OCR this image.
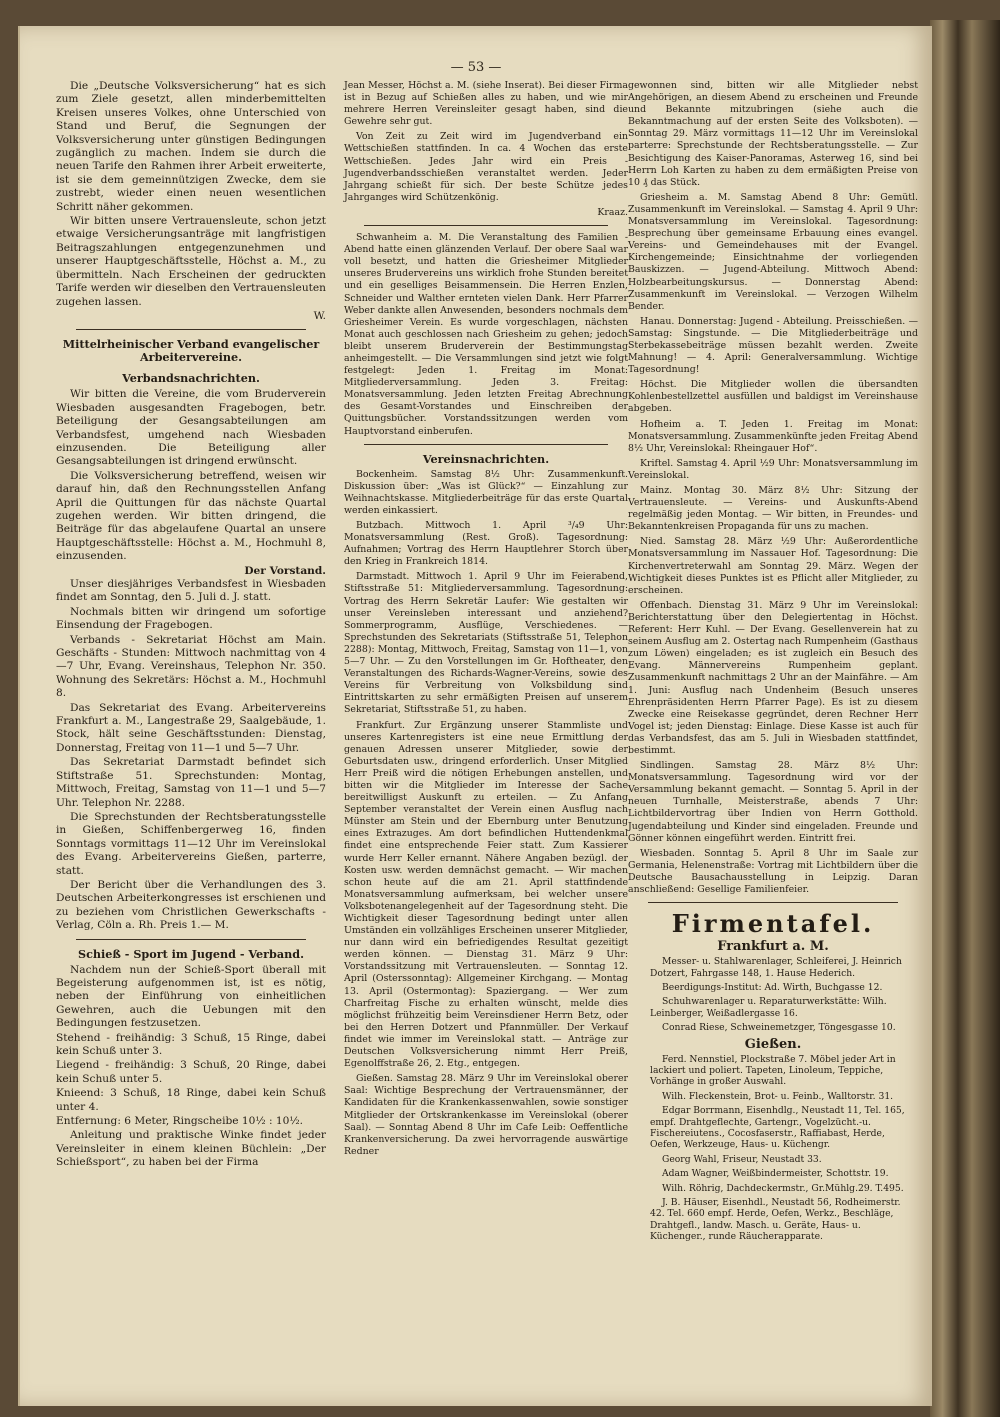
— 53 —

Die „Deutsche Volksversicherung“ hat es sich zum Ziele gesetzt, allen minderbemittelten Kreisen unseres Volkes, ohne Unterschied von Stand und Beruf, die Segnungen der Volksversicherung unter günstigen Bedingungen zugänglich zu machen. Indem sie durch die neuen Tarife den Rahmen ihrer Arbeit erweiterte, ist sie dem gemeinnützigen Zwecke, dem sie zustrebt, wieder einen neuen wesentlichen Schritt näher gekommen.

Wir bitten unsere Vertrauensleute, schon jetzt etwaige Versicherungsanträge mit langfristigen Beitragszahlungen entgegenzunehmen und unserer Hauptgeschäftsstelle, Höchst a. M., zu übermitteln. Nach Erscheinen der gedruckten Tarife werden wir dieselben den Vertrauensleuten zugehen lassen.

W.
Mittelrheinischer Verband evangelischer Arbeitervereine.
Verbandsnachrichten.

Wir bitten die Vereine, die vom Bruderverein Wiesbaden ausgesandten Fragebogen, betr. Beteiligung der Gesangsabteilungen am Verbandsfest, umgehend nach Wiesbaden einzusenden. Die Beteiligung aller Gesangsabteilungen ist dringend erwünscht.

Die Volksversicherung betreffend, weisen wir darauf hin, daß den Rechnungsstellen Anfang April die Quittungen für das nächste Quartal zugehen werden. Wir bitten dringend, die Beiträge für das abgelaufene Quartal an unsere Hauptgeschäftsstelle: Höchst a. M., Hochmuhl 8, einzusenden.

Der Vorstand.

Unser diesjähriges Verbandsfest in Wiesbaden findet am Sonntag, den 5. Juli d. J. statt.

Nochmals bitten wir dringend um sofortige Einsendung der Fragebogen.

Verbands - Sekretariat Höchst am Main. Geschäfts - Stunden: Mittwoch nachmittag von 4—7 Uhr, Evang. Vereinshaus, Telephon Nr. 350. Wohnung des Sekretärs: Höchst a. M., Hochmuhl 8.

Das Sekretariat des Evang. Arbeitervereins Frankfurt a. M., Langestraße 29, Saalgebäude, 1. Stock, hält seine Geschäftsstunden: Dienstag, Donnerstag, Freitag von 11—1 und 5—7 Uhr.

Das Sekretariat Darmstadt befindet sich Stiftstraße 51. Sprechstunden: Montag, Mittwoch, Freitag, Samstag von 11—1 und 5—7 Uhr. Telephon Nr. 2288.

Die Sprechstunden der Rechtsberatungsstelle in Gießen, Schiffenbergerweg 16, finden Sonntags vormittags 11—12 Uhr im Vereinslokal des Evang. Arbeitervereins Gießen, parterre, statt.

Der Bericht über die Verhandlungen des 3. Deutschen Arbeiterkongresses ist erschienen und zu beziehen vom Christlichen Gewerkschafts - Verlag, Cöln a. Rh. Preis 1.— M.

Schieß - Sport im Jugend - Verband.

Nachdem nun der Schieß-Sport überall mit Begeisterung aufgenommen ist, ist es nötig, neben der Einführung von einheitlichen Gewehren, auch die Uebungen mit den Bedingungen festzusetzen.

Stehend - freihändig: 3 Schuß, 15 Ringe, dabei kein Schuß unter 3.

Liegend - freihändig: 3 Schuß, 20 Ringe, dabei kein Schuß unter 5.

Knieend: 3 Schuß, 18 Ringe, dabei kein Schuß unter 4.

Entfernung: 6 Meter, Ringscheibe 10½ : 10½.

Anleitung und praktische Winke findet jeder Vereinsleiter in einem kleinen Büchlein: „Der Schießsport“, zu haben bei der Firma

Jean Messer, Höchst a. M. (siehe Inserat). Bei dieser Firma ist in Bezug auf Schießen alles zu haben, und wie mir mehrere Herren Vereinsleiter gesagt haben, sind die Gewehre sehr gut.

Von Zeit zu Zeit wird im Jugendverband ein Wettschießen stattfinden. In ca. 4 Wochen das erste Wettschießen. Jedes Jahr wird ein Preis - Jugendverbandsschießen veranstaltet werden. Jeder Jahrgang schießt für sich. Der beste Schütze jedes Jahrganges wird Schützenkönig.

Kraaz.

Schwanheim a. M. Die Veranstaltung des Familien - Abend hatte einen glänzenden Verlauf. Der obere Saal war voll besetzt, und hatten die Griesheimer Mitglieder unseres Brudervereins uns wirklich frohe Stunden bereitet und ein geselliges Beisammensein. Die Herren Enzlen, Schneider und Walther ernteten vielen Dank. Herr Pfarrer Weber dankte allen Anwesenden, besonders nochmals dem Griesheimer Verein. Es wurde vorgeschlagen, nächsten Monat auch geschlossen nach Griesheim zu gehen; jedoch bleibt unserem Bruderverein der Bestimmungstag anheimgestellt. — Die Versammlungen sind jetzt wie folgt festgelegt: Jeden 1. Freitag im Monat: Mitgliederversammlung. Jeden 3. Freitag: Monatsversammlung. Jeden letzten Freitag Abrechnung des Gesamt-Vorstandes und Einschreiben der Quittungsbücher. Vorstandssitzungen werden vom Hauptvorstand einberufen.

Vereinsnachrichten.

Bockenheim. Samstag 8½ Uhr: Zusammenkunft. Diskussion über: „Was ist Glück?“ — Einzahlung zur Weihnachtskasse. Mitgliederbeiträge für das erste Quartal werden einkassiert.

Butzbach. Mittwoch 1. April ³/₄9 Uhr: Monatsversammlung (Rest. Groß). Tagesordnung: Aufnahmen; Vortrag des Herrn Hauptlehrer Storch über den Krieg in Frankreich 1814.

Darmstadt. Mittwoch 1. April 9 Uhr im Feierabend, Stiftsstraße 51: Mitgliederversammlung. Tagesordnung: Vortrag des Herrn Sekretär Laufer: Wie gestalten wir unser Vereinsleben interessant und anziehend? Sommerprogramm, Ausflüge, Verschiedenes. — Sprechstunden des Sekretariats (Stiftsstraße 51, Telephon 2288): Montag, Mittwoch, Freitag, Samstag von 11—1, von 5—7 Uhr. — Zu den Vorstellungen im Gr. Hoftheater, den Veranstaltungen des Richards-Wagner-Vereins, sowie des Vereins für Verbreitung von Volksbildung sind Eintrittskarten zu sehr ermäßigten Preisen auf unserem Sekretariat, Stiftsstraße 51, zu haben.

Frankfurt. Zur Ergänzung unserer Stammliste und unseres Kartenregisters ist eine neue Ermittlung der genauen Adressen unserer Mitglieder, sowie der Geburtsdaten usw., dringend erforderlich. Unser Mitglied Herr Preiß wird die nötigen Erhebungen anstellen, und bitten wir die Mitglieder im Interesse der Sache bereitwilligst Auskunft zu erteilen. — Zu Anfang September veranstaltet der Verein einen Ausflug nach Münster am Stein und der Ebernburg unter Benutzung eines Extrazuges. Am dort befindlichen Huttendenkmal findet eine entsprechende Feier statt. Zum Kassierer wurde Herr Keller ernannt. Nähere Angaben bezügl. der Kosten usw. werden demnächst gemacht. — Wir machen schon heute auf die am 21. April stattfindende Monatsversammlung aufmerksam, bei welcher unsere Volksbotenangelegenheit auf der Tagesordnung steht. Die Wichtigkeit dieser Tagesordnung bedingt unter allen Umständen ein vollzähliges Erscheinen unserer Mitglieder, nur dann wird ein befriedigendes Resultat gezeitigt werden können. — Dienstag 31. März 9 Uhr: Vorstandssitzung mit Vertrauensleuten. — Sonntag 12. April (Osterssonntag): Allgemeiner Kirchgang. — Montag 13. April (Ostermontag): Spaziergang. — Wer zum Charfreitag Fische zu erhalten wünscht, melde dies möglichst frühzeitig beim Vereinsdiener Herrn Betz, oder bei den Herren Dotzert und Pfannmüller. Der Verkauf findet wie immer im Vereinslokal statt. — Anträge zur Deutschen Volksversicherung nimmt Herr Preiß, Egenolffstraße 26, 2. Etg., entgegen.

Gießen. Samstag 28. März 9 Uhr im Vereinslokal oberer Saal: Wichtige Besprechung der Vertrauensmänner, der Kandidaten für die Krankenkassenwahlen, sowie sonstiger Mitglieder der Ortskrankenkasse im Vereinslokal (oberer Saal). — Sonntag Abend 8 Uhr im Cafe Leib: Oeffentliche Krankenversicherung. Da zwei hervorragende auswärtige Redner

gewonnen sind, bitten wir alle Mitglieder nebst Angehörigen, an diesem Abend zu erscheinen und Freunde und Bekannte mitzubringen (siehe auch die Bekanntmachung auf der ersten Seite des Volksboten). — Sonntag 29. März vormittags 11—12 Uhr im Vereinslokal parterre: Sprechstunde der Rechtsberatungsstelle. — Zur Besichtigung des Kaiser-Panoramas, Asterweg 16, sind bei Herrn Loh Karten zu haben zu dem ermäßigten Preise von 10 ₰ das Stück.

Griesheim a. M. Samstag Abend 8 Uhr: Gemütl. Zusammenkunft im Vereinslokal. — Samstag 4. April 9 Uhr: Monatsversammlung im Vereinslokal. Tagesordnung: Besprechung über gemeinsame Erbauung eines evangel. Vereins- und Gemeindehauses mit der Evangel. Kirchengemeinde; Einsichtnahme der vorliegenden Bauskizzen. — Jugend-Abteilung. Mittwoch Abend: Holzbearbeitungskursus. — Donnerstag Abend: Zusammenkunft im Vereinslokal. — Verzogen Wilhelm Bender.

Hanau. Donnerstag: Jugend - Abteilung. Preisschießen. — Samstag: Singstunde. — Die Mitgliederbeiträge und Sterbekassebeiträge müssen bezahlt werden. Zweite Mahnung! — 4. April: Generalversammlung. Wichtige Tagesordnung!

Höchst. Die Mitglieder wollen die übersandten Kohlenbestellzettel ausfüllen und baldigst im Vereinshause abgeben.

Hofheim a. T. Jeden 1. Freitag im Monat: Monatsversammlung. Zusammenkünfte jeden Freitag Abend 8½ Uhr, Vereinslokal: Rheingauer Hof“.

Kriftel. Samstag 4. April ½9 Uhr: Monatsversammlung im Vereinslokal.

Mainz. Montag 30. März 8½ Uhr: Sitzung der Vertrauensleute. — Vereins- und Auskunfts-Abend regelmäßig jeden Montag. — Wir bitten, in Freundes- und Bekanntenkreisen Propaganda für uns zu machen.

Nied. Samstag 28. März ½9 Uhr: Außerordentliche Monatsversammlung im Nassauer Hof. Tagesordnung: Die Kirchenvertreterwahl am Sonntag 29. März. Wegen der Wichtigkeit dieses Punktes ist es Pflicht aller Mitglieder, zu erscheinen.

Offenbach. Dienstag 31. März 9 Uhr im Vereinslokal: Berichterstattung über den Delegiertentag in Höchst. Referent: Herr Kuhl. — Der Evang. Gesellenverein hat zu seinem Ausflug am 2. Ostertag nach Rumpenheim (Gasthaus zum Löwen) eingeladen; es ist zugleich ein Besuch des Evang. Männervereins Rumpenheim geplant. Zusammenkunft nachmittags 2 Uhr an der Mainfähre. — Am 1. Juni: Ausflug nach Undenheim (Besuch unseres Ehrenpräsidenten Herrn Pfarrer Page). Es ist zu diesem Zwecke eine Reisekasse gegründet, deren Rechner Herr Vogel ist; jeden Dienstag: Einlage. Diese Kasse ist auch für das Verbandsfest, das am 5. Juli in Wiesbaden stattfindet, bestimmt.

Sindlingen. Samstag 28. März 8½ Uhr: Monatsversammlung. Tagesordnung wird vor der Versammlung bekannt gemacht. — Sonntag 5. April in der neuen Turnhalle, Meisterstraße, abends 7 Uhr: Lichtbildervortrag über Indien von Herrn Gotthold. Jugendabteilung und Kinder sind eingeladen. Freunde und Gönner können eingeführt werden. Eintritt frei.

Wiesbaden. Sonntag 5. April 8 Uhr im Saale zur Germania, Helenenstraße: Vortrag mit Lichtbildern über die Deutsche Bausachausstellung in Leipzig. Daran anschließend: Gesellige Familienfeier.

Firmentafel.
Frankfurt a. M.

Messer- u. Stahlwarenlager, Schleiferei, J. Heinrich Dotzert, Fahrgasse 148, 1. Hause Hederich.

Beerdigungs-Institut: Ad. Wirth, Buchgasse 12.

Schuhwarenlager u. Reparaturwerkstätte: Wilh. Leinberger, Weißadlergasse 16.

Conrad Riese, Schweinemetzger, Töngesgasse 10.

Gießen.

Ferd. Nennstiel, Plockstraße 7. Möbel jeder Art in lackiert und poliert. Tapeten, Linoleum, Teppiche, Vorhänge in großer Auswahl.

Wilh. Fleckenstein, Brot- u. Feinb., Walltorstr. 31.

Edgar Borrmann, Eisenhdlg., Neustadt 11, Tel. 165, empf. Drahtgeflechte, Gartengr., Vogelzücht.-u. Fischereiutens., Cocosfaserstr., Raffiabast, Herde, Oefen, Werkzeuge, Haus- u. Küchengr.

Georg Wahl, Friseur, Neustadt 33.

Adam Wagner, Weißbindermeister, Schottstr. 19.

Wilh. Röhrig, Dachdeckermstr., Gr.Mühlg.29. T.495.

J. B. Häuser, Eisenhdl., Neustadt 56, Rodheimerstr. 42. Tel. 660 empf. Herde, Oefen, Werkz., Beschläge, Drahtgefl., landw. Masch. u. Geräte, Haus- u. Küchenger., runde Räucherapparate.
